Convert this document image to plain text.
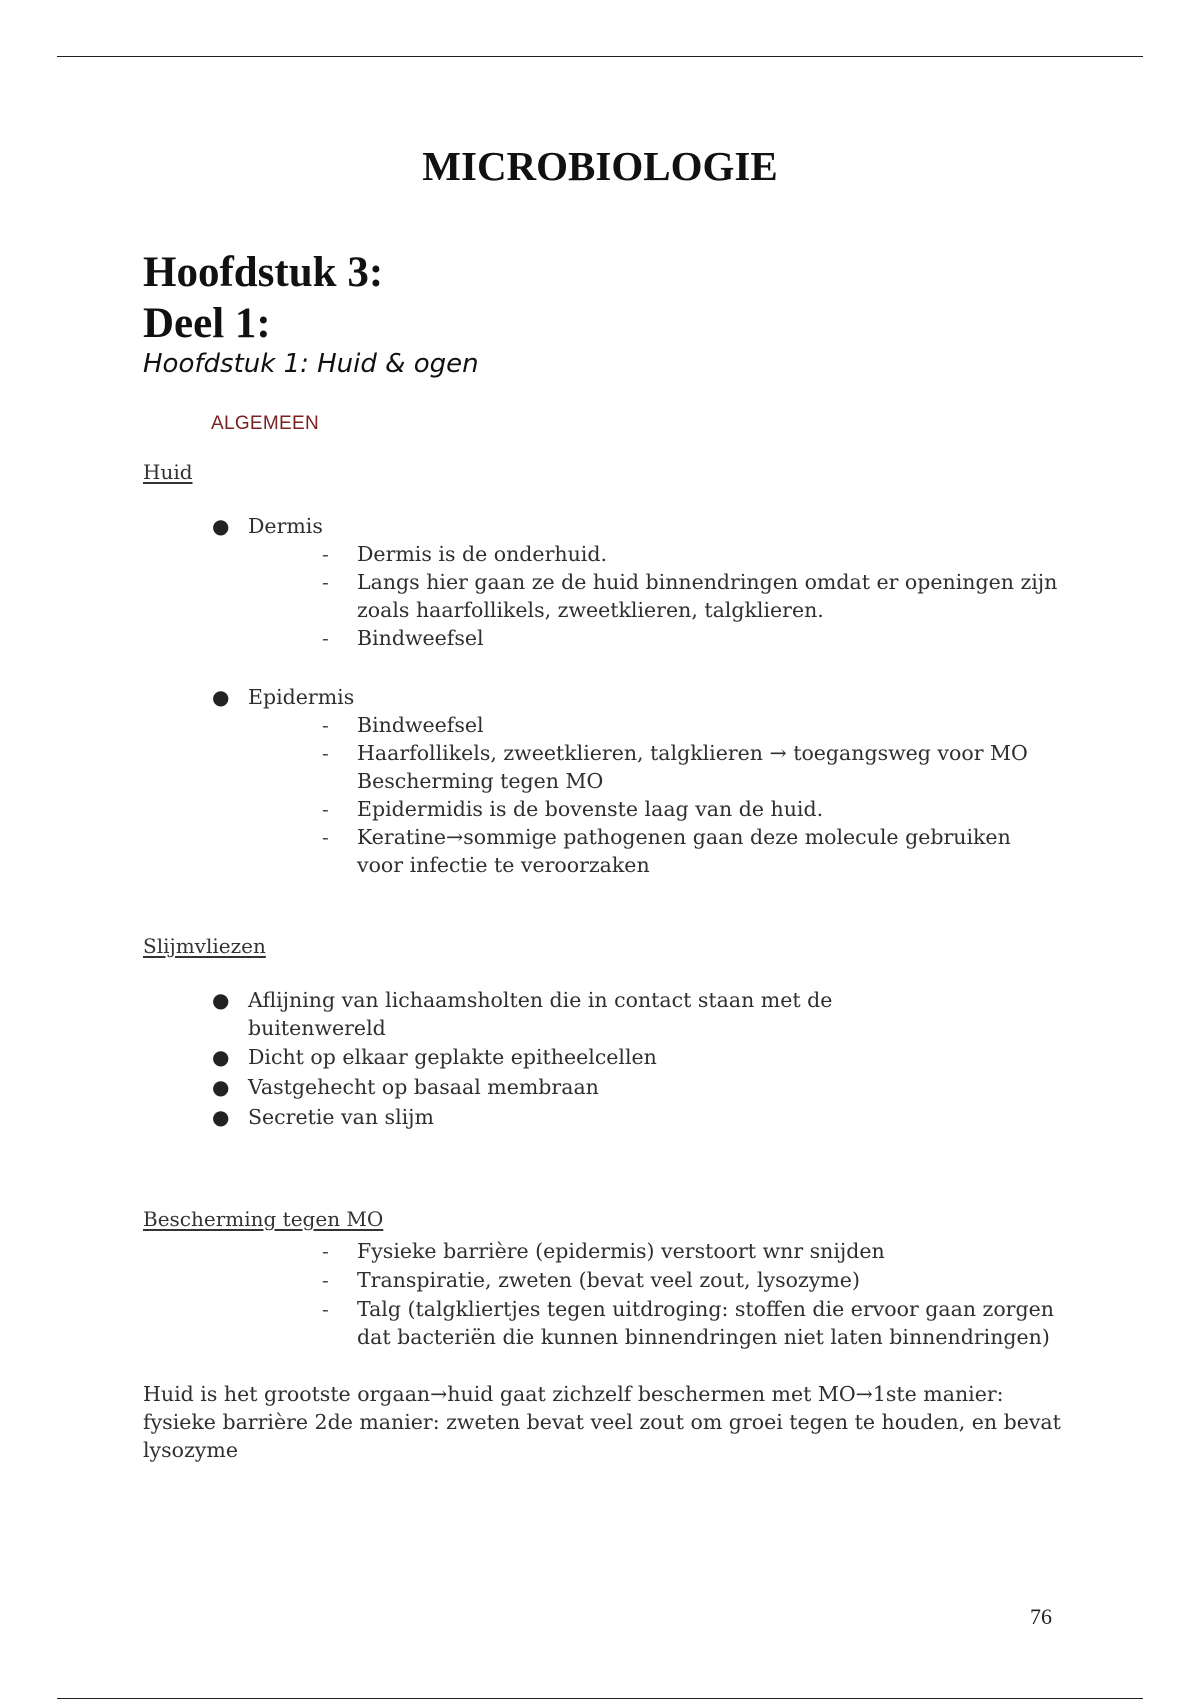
MICROBIOLOGIE
Hoofdstuk 3:
Deel 1:
Hoofdstuk 1: Huid & ogen
ALGEMEEN
Huid
● Dermis
- Dermis is de onderhuid.
- Langs hier gaan ze de huid binnendringen omdat er openingen zijn
zoals haarfollikels, zweetklieren, talgklieren.
- Bindweefsel
● Epidermis
- Bindweefsel
- Haarfollikels, zweetklieren, talgklieren → toegangsweg voor MO
Bescherming tegen MO
- Epidermidis is de bovenste laag van de huid.
- Keratine→sommige pathogenen gaan deze molecule gebruiken
voor infectie te veroorzaken
Slijmvliezen
● Aflijning van lichaamsholten die in contact staan met de
buitenwereld
● Dicht op elkaar geplakte epitheelcellen
● Vastgehecht op basaal membraan
● Secretie van slijm
Bescherming tegen MO
- Fysieke barrière (epidermis) verstoort wnr snijden
- Transpiratie, zweten (bevat veel zout, lysozyme)
- Talg (talgkliertjes tegen uitdroging: stoffen die ervoor gaan zorgen
dat bacteriën die kunnen binnendringen niet laten binnendringen)
Huid is het grootste orgaan→huid gaat zichzelf beschermen met MO→1ste manier:
fysieke barrière 2de manier: zweten bevat veel zout om groei tegen te houden, en bevat
lysozyme
76
